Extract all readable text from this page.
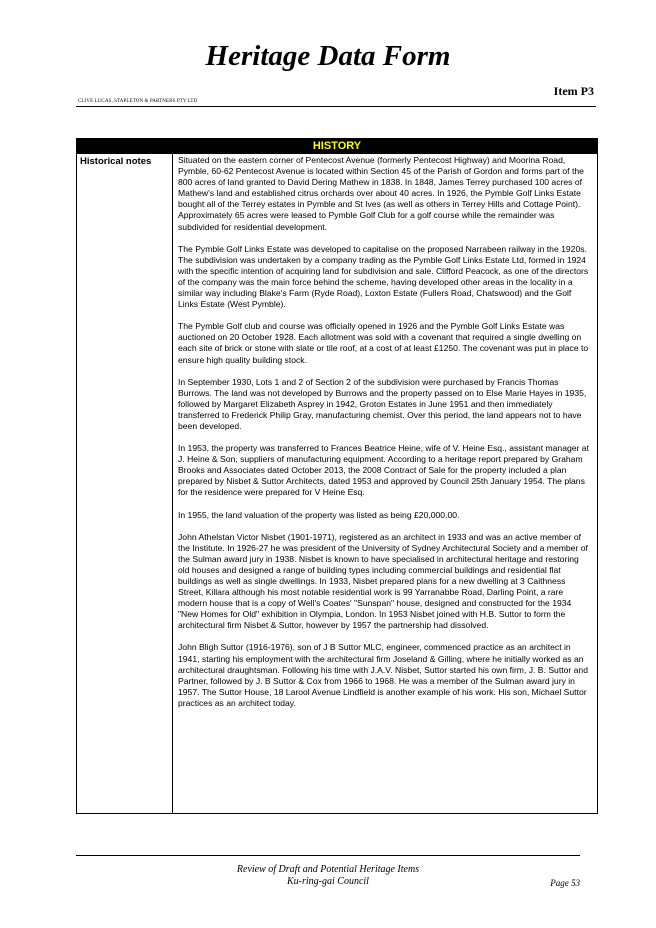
Heritage Data Form
Item P3
CLIVE LUCAS, STAPLETON & PARTNERS PTY LTD
HISTORY
Historical notes	Situated on the eastern corner of Pentecost Avenue (formerly Pentecost Highway) and Moorina Road, Pymble, 60-62 Pentecost Avenue is located within Section 45 of the Parish of Gordon and forms part of the 800 acres of land granted to David Dering Mathew in 1838. In 1848, James Terrey purchased 100 acres of Mathew's land and established citrus orchards over about 40 acres. In 1926, the Pymble Golf Links Estate bought all of the Terrey estates in Pymble and St Ives (as well as others in Terrey Hills and Cottage Point). Approximately 65 acres were leased to Pymble Golf Club for a golf course while the remainder was subdivided for residential development.

The Pymble Golf Links Estate was developed to capitalise on the proposed Narrabeen railway in the 1920s. The subdivision was undertaken by a company trading as the Pymble Golf Links Estate Ltd, formed in 1924 with the specific intention of acquiring land for subdivision and sale. Clifford Peacock, as one of the directors of the company was the main force behind the scheme, having developed other areas in the locality in a similar way including Blake's Farm (Ryde Road), Loxton Estate (Fullers Road, Chatswood) and the Golf Links Estate (West Pymble).

The Pymble Golf club and course was officially opened in 1926 and the Pymble Golf Links Estate was auctioned on 20 October 1928. Each allotment was sold with a covenant that required a single dwelling on each site of brick or stone with slate or tile roof, at a cost of at least £1250. The covenant was put in place to ensure high quality building stock.

In September 1930, Lots 1 and 2 of Section 2 of the subdivision were purchased by Francis Thomas Burrows. The land was not developed by Burrows and the property passed on to Else Marie Hayes in 1935, followed by Margaret Elizabeth Asprey in 1942, Groton Estates in June 1951 and then immediately transferred to Frederick Philip Gray, manufacturing chemist. Over this period, the land appears not to have been developed.

In 1953, the property was transferred to Frances Beatrice Heine, wife of V. Heine Esq., assistant manager at J. Heine & Son, suppliers of manufacturing equipment. According to a heritage report prepared by Graham Brooks and Associates dated October 2013, the 2008 Contract of Sale for the property included a plan prepared by Nisbet & Suttor Architects, dated 1953 and approved by Council 25th January 1954. The plans for the residence were prepared for V Heine Esq.

In 1955, the land valuation of the property was listed as being £20,000.00.

John Athelstan Victor Nisbet (1901-1971), registered as an architect in 1933 and was an active member of the Institute. In 1926-27 he was president of the University of Sydney Architectural Society and a member of the Sulman award jury in 1938. Nisbet is known to have specialised in architectural heritage and restoring old houses and designed a range of building types including commercial buildings and residential flat buildings as well as single dwellings. In 1933, Nisbet prepared plans for a new dwelling at 3 Caithness Street, Killara although his most notable residential work is 99 Yarranabbe Road, Darling Point, a rare modern house that is a copy of Well's Coates' "Sunspan" house, designed and constructed for the 1934 "New Homes for Old" exhibition in Olympia, London. In 1953 Nisbet joined with H.B. Suttor to form the architectural firm Nisbet & Suttor, however by 1957 the partnership had dissolved.

John Bligh Suttor (1916-1976), son of J B Suttor MLC, engineer, commenced practice as an architect in 1941, starting his employment with the architectural firm Joseland & Gilling, where he initially worked as an architectural draughtsman. Following his time with J.A.V. Nisbet, Suttor started his own firm, J. B. Suttor and Partner, followed by J. B Suttor & Cox from 1966 to 1968. He was a member of the Sulman award jury in 1957. The Suttor House, 18 Larool Avenue Lindfield is another example of his work. His son, Michael Suttor practices as an architect today.

Review of Draft and Potential Heritage Items
Ku-ring-gai Council	Page 53
